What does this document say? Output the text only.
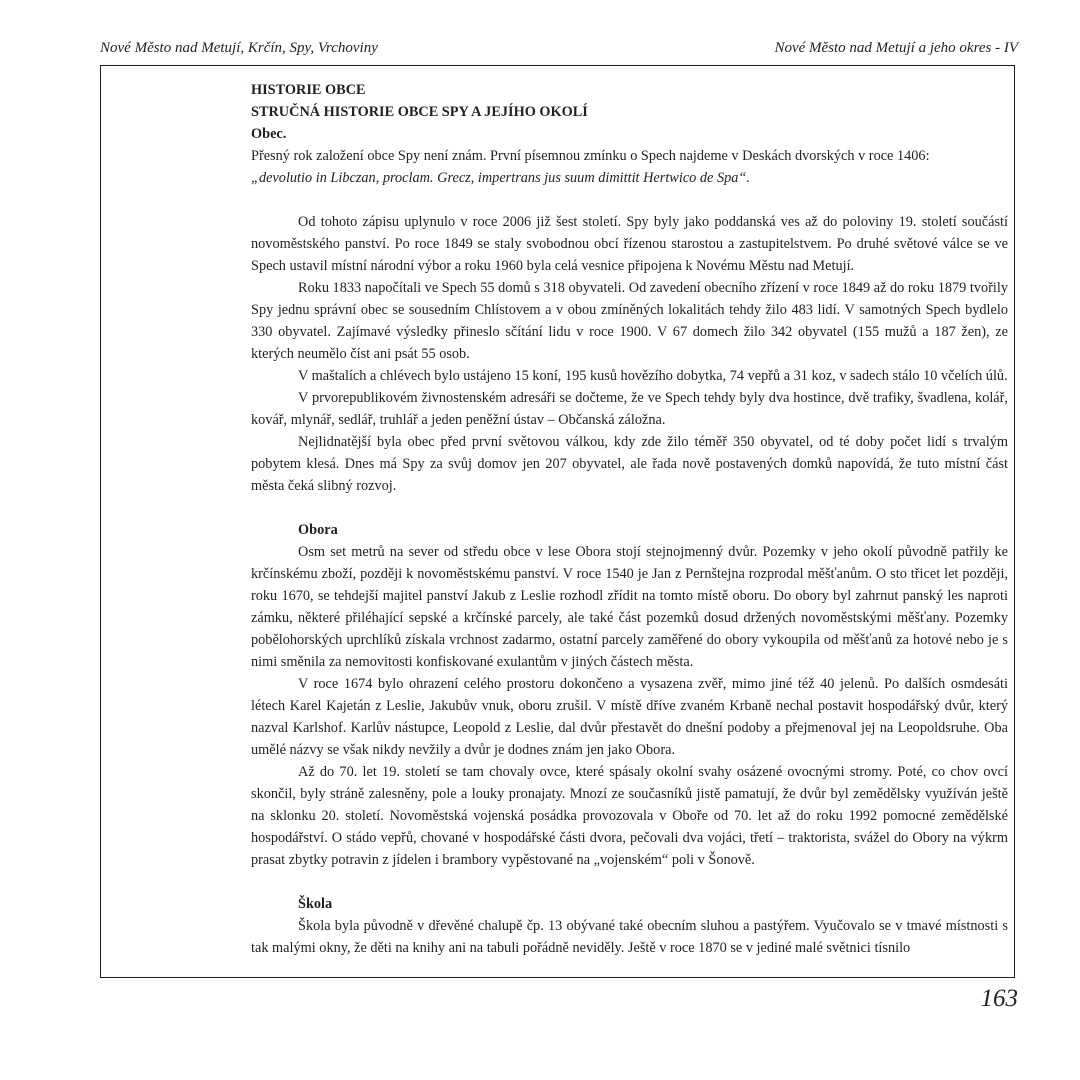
Nové Město nad Metují, Krčín, Spy, Vrchoviny	Nové Město nad Metují a jeho okres - IV

HISTORIE OBCE

STRUČNÁ HISTORIE OBCE SPY A JEJÍHO OKOLÍ

Obec.

Přesný rok založení obce Spy není znám. První písemnou zmínku o Spech najdeme v Deskách dvorských v roce 1406:

„devolutio in Libczan, proclam. Grecz, impertrans jus suum dimittit Hertwico de Spa“.

Od tohoto zápisu uplynulo v roce 2006 již šest století. Spy byly jako poddanská ves až do poloviny 19. století součástí novoměstského panství. Po roce 1849 se staly svobodnou obcí řízenou starostou a zastupitelstvem. Po druhé světové válce se ve Spech ustavil místní národní výbor a roku 1960 byla celá vesnice připojena k Novému Městu nad Metují.

Roku 1833 napočítali ve Spech 55 domů s 318 obyvateli. Od zavedení obecního zřízení v roce 1849 až do roku 1879 tvořily Spy jednu správní obec se sousedním Chlístovem a v obou zmíněných lokalitách tehdy žilo 483 lidí. V samotných Spech bydlelo 330 obyvatel. Zajímavé výsledky přineslo sčítání lidu v roce 1900. V 67 domech žilo 342 obyvatel (155 mužů a 187 žen), ze kterých neumělo číst ani psát 55 osob.

V maštalích a chlévech bylo ustájeno 15 koní, 195 kusů hovězího dobytka, 74 vepřů a 31 koz, v sadech stálo 10 včelích úlů.

V prvorepublikovém živnostenském adresáři se dočteme, že ve Spech tehdy byly dva hostince, dvě trafiky, švadlena, kolář, kovář, mlynář, sedlář, truhlář a jeden peněžní ústav – Občanská záložna.

Nejlidnatější byla obec před první světovou válkou, kdy zde žilo téměř 350 obyvatel, od té doby počet lidí s trvalým pobytem klesá. Dnes má Spy za svůj domov jen 207 obyvatel, ale řada nově postavených domků napovídá, že tuto místní část města čeká slibný rozvoj.

Obora

Osm set metrů na sever od středu obce v lese Obora stojí stejnojmenný dvůr. Pozemky v jeho okolí původně patřily ke krčínskému zboží, později k novoměstskému panství. V roce 1540 je Jan z Pernštejna rozprodal měšťanům. O sto třicet let později, roku 1670, se tehdejší majitel panství Jakub z Leslie rozhodl zřídit na tomto místě oboru. Do obory byl zahrnut panský les naproti zámku, některé přiléhající sepské a krčínské parcely, ale také část pozemků dosud držených novoměstskými měšťany. Pozemky pobělohorských uprchlíků získala vrchnost zadarmo, ostatní parcely zaměřené do obory vykoupila od měšťanů za hotové nebo je s nimi směnila za nemovitosti konfiskované exulantům v jiných částech města.

V roce 1674 bylo ohrazení celého prostoru dokončeno a vysazena zvěř, mimo jiné též 40 jelenů. Po dalších osmdesáti létech Karel Kajetán z Leslie, Jakubův vnuk, oboru zrušil. V místě dříve zvaném Krbaně nechal postavit hospodářský dvůr, který nazval Karlshof. Karlův nástupce, Leopold z Leslie, dal dvůr přestavět do dnešní podoby a přejmenoval jej na Leopoldsruhe. Oba umělé názvy se však nikdy nevžily a dvůr je dodnes znám jen jako Obora.

Až do 70. let 19. století se tam chovaly ovce, které spásaly okolní svahy osázené ovocnými stromy. Poté, co chov ovcí skončil, byly stráně zalesněny, pole a louky pronajaty. Mnozí ze současníků jistě pamatují, že dvůr byl zemědělsky využíván ještě na sklonku 20. století. Novoměstská vojenská posádka provozovala v Oboře od 70. let až do roku 1992 pomocné zemědělské hospodářství. O stádo vepřů, chované v hospodářské části dvora, pečovali dva vojáci, třetí – traktorista, svážel do Obory na výkrm prasat zbytky potravin z jídelen i brambory vypěstované na „vojenském“ poli v Šonově.

Škola

Škola byla původně v dřevěné chalupě čp. 13 obývané také obecním sluhou a pastýřem. Vyučovalo se v tmavé místnosti s tak malými okny, že děti na knihy ani na tabuli pořádně neviděly. Ještě v roce 1870 se v jediné malé světnici tísnilo

163
